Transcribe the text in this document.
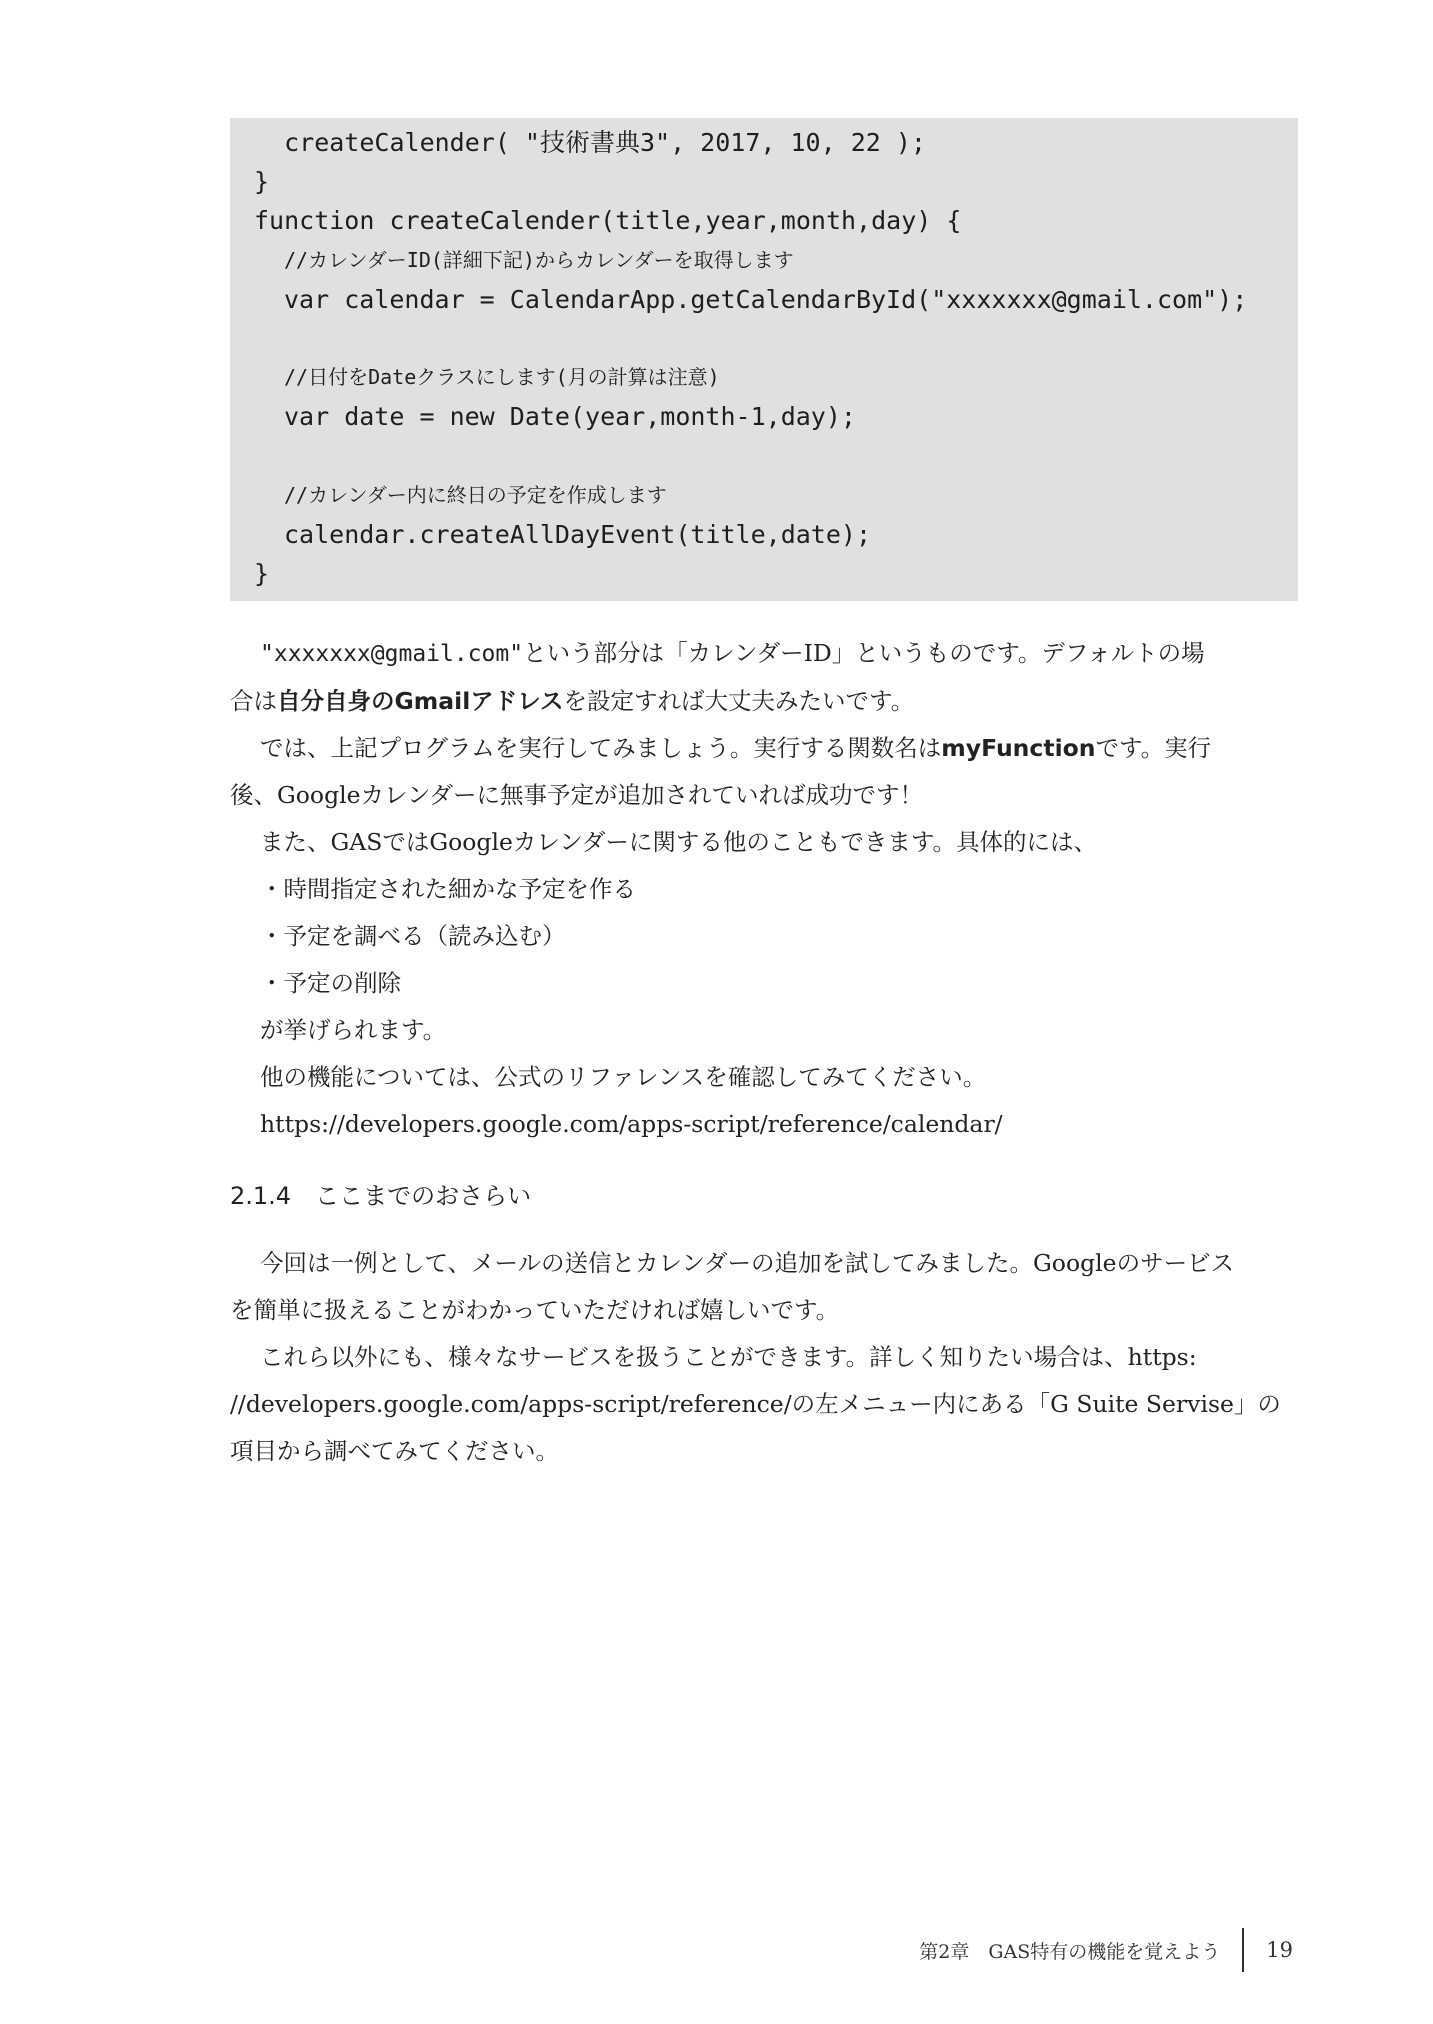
createCalender( "技術書典3", 2017, 10, 22 );
}
function createCalender(title,year,month,day) {
//カレンダーID(詳細下記)からカレンダーを取得します
var calendar = CalendarApp.getCalendarById("xxxxxxx@gmail.com");
//日付をDateクラスにします(月の計算は注意)
var date = new Date(year,month-1,day);
//カレンダー内に終日の予定を作成します
calendar.createAllDayEvent(title,date);
}
"xxxxxxx@gmail.com"という部分は「カレンダーID」というものです。デフォルトの場
合は自分自身のGmailアドレスを設定すれば大丈夫みたいです。
では、上記プログラムを実行してみましょう。実行する関数名はmyFunctionです。実行
後、Googleカレンダーに無事予定が追加されていれば成功です！
また、GASではGoogleカレンダーに関する他のこともできます。具体的には、
・時間指定された細かな予定を作る
・予定を調べる（読み込む）
・予定の削除
が挙げられます。
他の機能については、公式のリファレンスを確認してみてください。
https://developers.google.com/apps-script/reference/calendar/
2.1.4　 ここまでのおさらい
今回は一例として、メールの送信とカレンダーの追加を試してみました。Googleのサービス
を簡単に扱えることがわかっていただければ嬉しいです。
これら以外にも、様々なサービスを扱うことができます。詳しく知りたい場合は、https:
//developers.google.com/apps-script/reference/の左メニュー内にある「G Suite Servise」の
項目から調べてみてください。
第2章　GAS特有の機能を覚えよう 19
